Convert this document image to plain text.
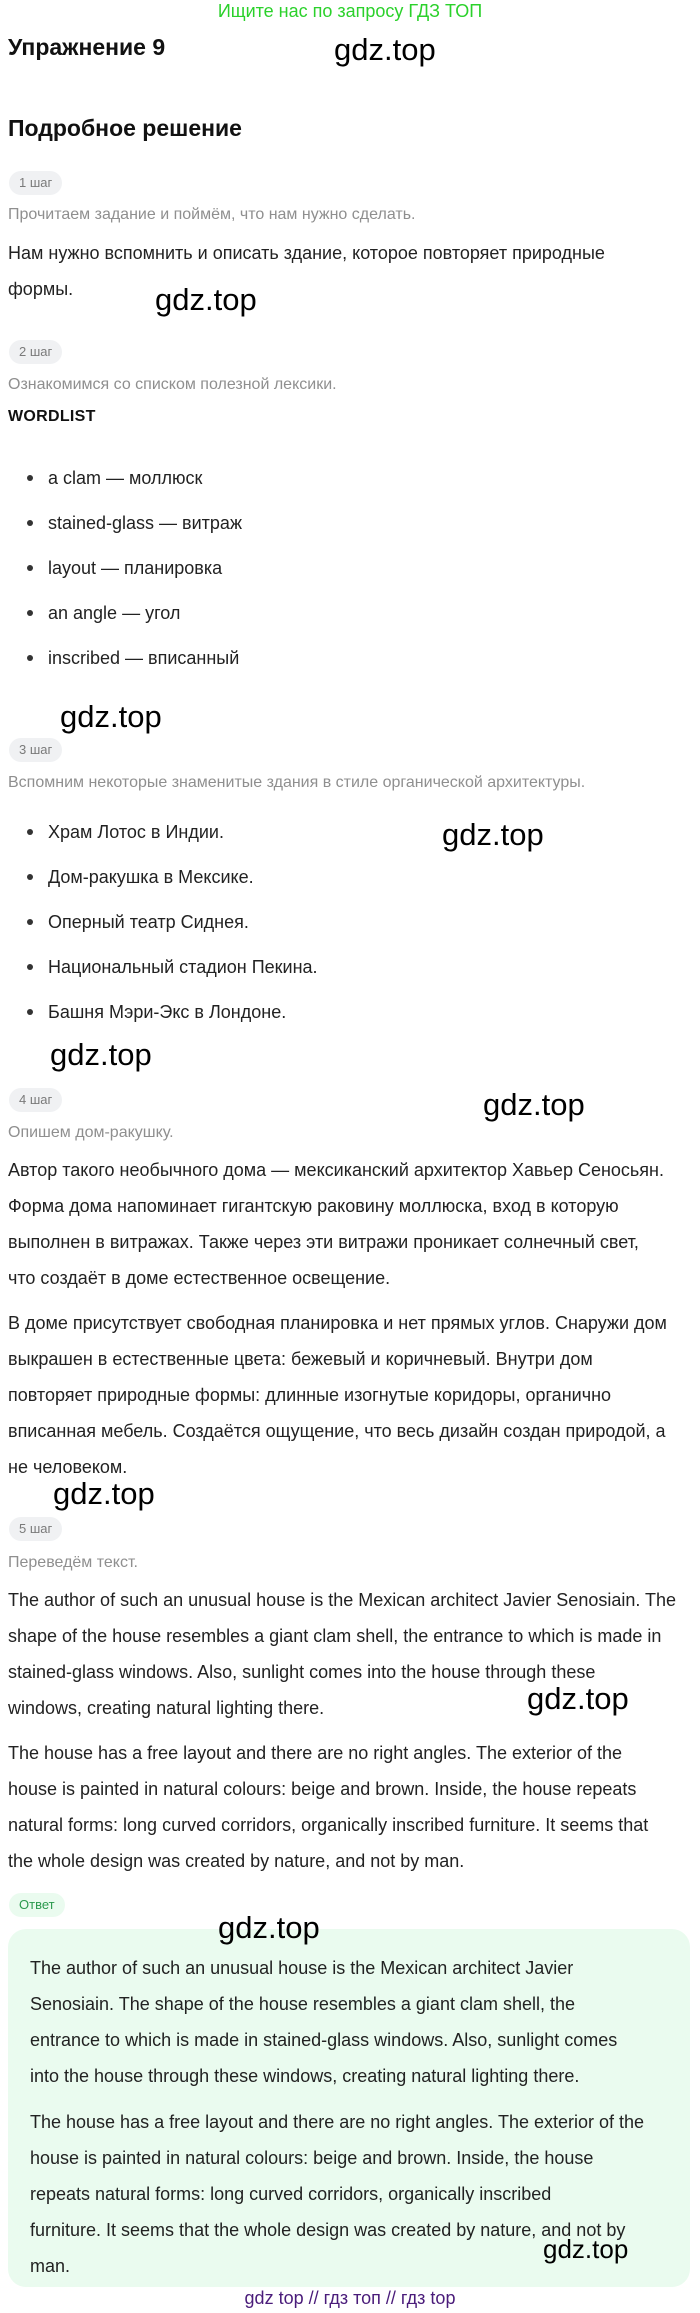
Ищите нас по запросу ГДЗ ТОП
Упражнение 9	gdz.top
Подробное решение
1 шаг
Прочитаем задание и поймём, что нам нужно сделать.
Нам нужно вспомнить и описать здание, которое повторяет природные
формы.	gdz.top
2 шаг
Ознакомимся со списком полезной лексики.
WORDLIST
a clam — моллюск
stained-glass — витраж
layout — планировка
an angle — угол
inscribed — вписанный
gdz.top
3 шаг
Вспомним некоторые знаменитые здания в стиле органической архитектуры.
Храм Лотос в Индии.	gdz.top
Дом-ракушка в Мексике.
Оперный театр Сиднея.
Национальный стадион Пекина.
Башня Мэри-Экс в Лондоне.
gdz.top
4 шаг	gdz.top
Опишем дом-ракушку.
Автор такого необычного дома — мексиканский архитектор Хавьер Сеносьян.
Форма дома напоминает гигантскую раковину моллюска, вход в которую
выполнен в витражах. Также через эти витражи проникает солнечный свет,
что создаёт в доме естественное освещение.
В доме присутствует свободная планировка и нет прямых углов. Снаружи дом
выкрашен в естественные цвета: бежевый и коричневый. Внутри дом
повторяет природные формы: длинные изогнутые коридоры, органично
вписанная мебель. Создаётся ощущение, что весь дизайн создан природой, а
не человеком.
gdz.top
5 шаг
Переведём текст.
The author of such an unusual house is the Mexican architect Javier Senosiain. The
shape of the house resembles a giant clam shell, the entrance to which is made in
stained-glass windows. Also, sunlight comes into the house through these
windows, creating natural lighting there.	gdz.top
The house has a free layout and there are no right angles. The exterior of the
house is painted in natural colours: beige and brown. Inside, the house repeats
natural forms: long curved corridors, organically inscribed furniture. It seems that
the whole design was created by nature, and not by man.
Ответ
gdz.top
The author of such an unusual house is the Mexican architect Javier
Senosiain. The shape of the house resembles a giant clam shell, the
entrance to which is made in stained-glass windows. Also, sunlight comes
into the house through these windows, creating natural lighting there.
The house has a free layout and there are no right angles. The exterior of the
house is painted in natural colours: beige and brown. Inside, the house
repeats natural forms: long curved corridors, organically inscribed
furniture. It seems that the whole design was created by nature, and not by
man.
gdz.top
gdz top // гдз топ // гдз top
